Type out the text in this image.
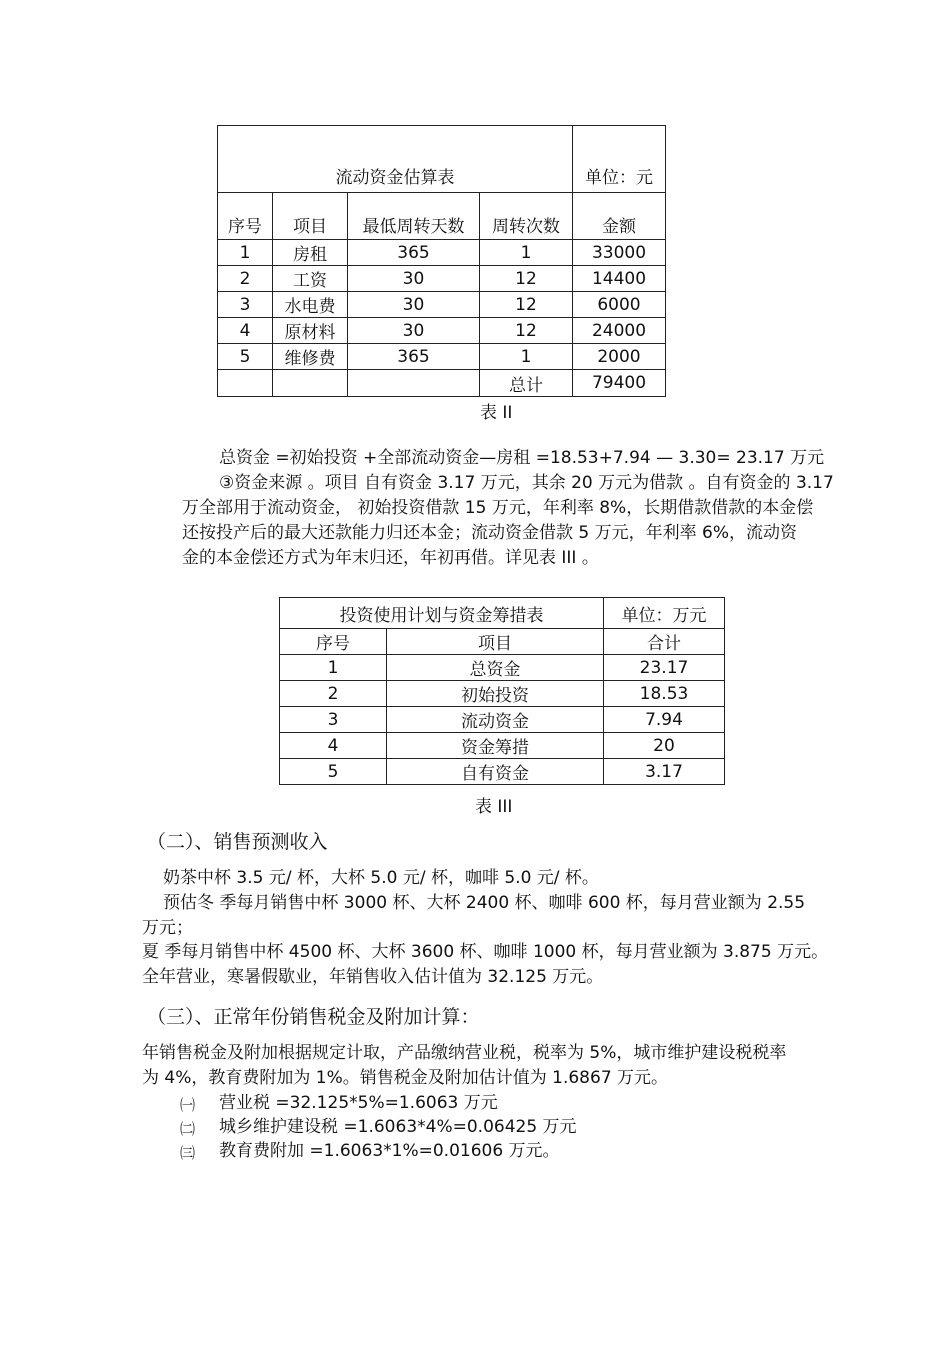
流动资金估算表				单位：元
序号	项目	最低周转天数	周转次数	金额
1	房租	365	1	33000
2	工资	30	12	14400
3	水电费	30	12	6000
4	原材料	30	12	24000
5	维修费	365	1	2000
			总计	79400
表 II
总资金 =初始投资 +全部流动资金—房租 =18.53+7.94 — 3.30= 23.17 万元
③资金来源 。项目 自有资金 3.17 万元，其余 20 万元为借款 。自有资金的 3.17
万全部用于流动资金， 初始投资借款 15 万元，年利率 8%，长期借款借款的本金偿
还按投产后的最大还款能力归还本金；流动资金借款 5 万元，年利率 6%，流动资
金的本金偿还方式为年末归还，年初再借。详见表 III 。
投资使用计划与资金筹措表		单位：万元
序号	项目	合计
1	总资金	23.17
2	初始投资	18.53
3	流动资金	7.94
4	资金筹措	20
5	自有资金	3.17
表 III
（二）、销售预测收入
奶茶中杯 3.5 元/ 杯，大杯 5.0 元/ 杯，咖啡 5.0 元/ 杯。
预估冬 季每月销售中杯 3000 杯、大杯 2400 杯、咖啡 600 杯，每月营业额为 2.55
万元；
夏 季每月销售中杯 4500 杯、大杯 3600 杯、咖啡 1000 杯，每月营业额为 3.875 万元。
全年营业，寒暑假歇业，年销售收入估计值为 32.125 万元。
（三）、正常年份销售税金及附加计算：
年销售税金及附加根据规定计取，产品缴纳营业税，税率为 5%，城市维护建设税税率
为 4%，教育费附加为 1%。销售税金及附加估计值为 1.6867 万元。
㈠ 营业税 =32.125*5%=1.6063 万元
㈡ 城乡维护建设税 =1.6063*4%=0.06425 万元
㈢ 教育费附加 =1.6063*1%=0.01606 万元。
